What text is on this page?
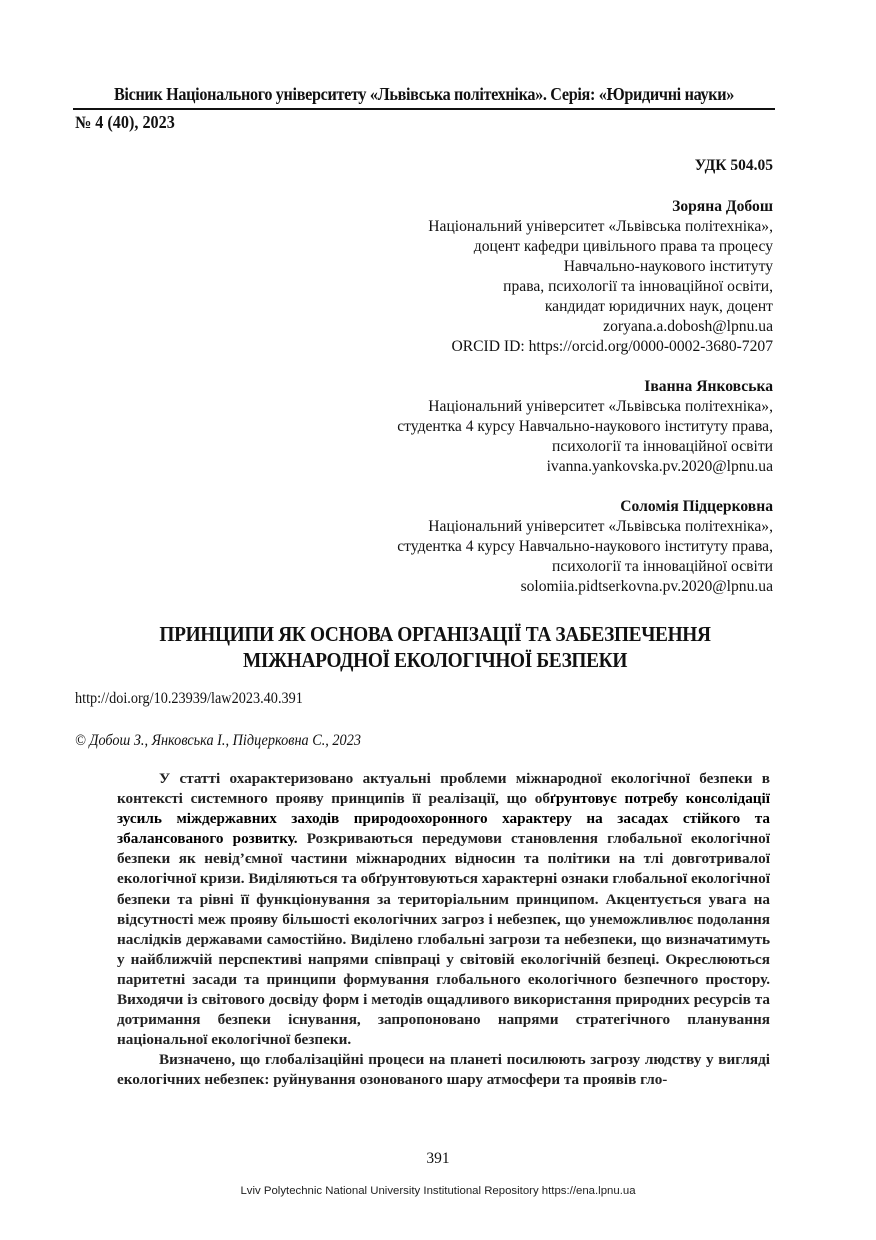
Вісник Національного університету «Львівська політехніка». Серія: «Юридичні науки»
№ 4 (40), 2023
УДК 504.05
Зоряна Добош
Національний університет «Львівська політехніка»,
доцент кафедри цивільного права та процесу
Навчально-наукового інституту
права, психології та інноваційної освіти,
кандидат юридичних наук, доцент
zoryana.a.dobosh@lpnu.ua
ORCID ID: https://orcid.org/0000-0002-3680-7207
Іванна Янковська
Національний університет «Львівська політехніка»,
студентка 4 курсу Навчально-наукового інституту права,
психології та інноваційної освіти
ivanna.yankovska.pv.2020@lpnu.ua
Соломія Підцерковна
Національний університет «Львівська політехніка»,
студентка 4 курсу Навчально-наукового інституту права,
психології та інноваційної освіти
solomiia.pidtserkovna.pv.2020@lpnu.ua
ПРИНЦИПИ ЯК ОСНОВА ОРГАНІЗАЦІЇ ТА ЗАБЕЗПЕЧЕННЯ
МІЖНАРОДНОЇ ЕКОЛОГІЧНОЇ БЕЗПЕКИ
http://doi.org/10.23939/law2023.40.391
© Добош З., Янковська І., Підцерковна С., 2023

У статті охарактеризовано актуальні проблеми міжнародної екологічної безпеки в контексті системного прояву принципів її реалізації, що обґрунтовує потребу консолідації зусиль міждержавних заходів природоохоронного характеру на засадах стійкого та збалансованого розвитку. Розкриваються передумови становлення глобальної екологічної безпеки як невід’ємної частини міжнародних відносин та політики на тлі довготривалої екологічної кризи. Виділяються та обґрунтовуються характерні ознаки глобальної екологічної безпеки та рівні її функціонування за територіальним принципом. Акцентується увага на відсутності меж прояву більшості екологічних загроз і небезпек, що унеможливлює подолання наслідків державами самостійно. Виділено глобальні загрози та небезпеки, що визначатимуть у найближчій перспективі напрями співпраці у світовій екологічній безпеці. Окреслюються паритетні засади та принципи формування глобального екологічного безпечного простору. Виходячи із світового досвіду форм і методів ощадливого використання природних ресурсів та дотримання безпеки існування, запропоновано напрями стратегічного планування національної екологічної безпеки.

Визначено, що глобалізаційні процеси на планеті посилюють загрозу людству у вигляді екологічних небезпек: руйнування озонованого шару атмосфери та проявів гло-

391
Lviv Polytechnic National University Institutional Repository https://ena.lpnu.ua
